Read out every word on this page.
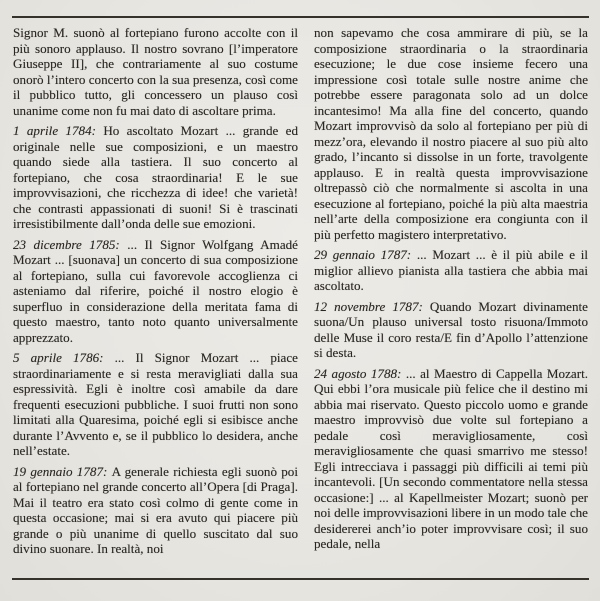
Signor M. suonò al fortepiano furono accolte con il più sonoro applauso. Il nostro sovrano [l’imperatore Giuseppe II], che contrariamente al suo costume onorò l’intero concerto con la sua presenza, così come il pubblico tutto, gli concessero un plauso così unanime come non fu mai dato di ascoltare prima.

1 aprile 1784: Ho ascoltato Mozart ... grande ed originale nelle sue composizioni, e un maestro quando siede alla tastiera. Il suo concerto al fortepiano, che cosa straordinaria! E le sue improvvisazioni, che ricchezza di idee! che varietà! che contrasti appassionati di suoni! Si è trascinati irresistibilmente dall’onda delle sue emozioni.

23 dicembre 1785: ... Il Signor Wolfgang Amadé Mozart ... [suonava] un concerto di sua composizione al fortepiano, sulla cui favorevole accoglienza ci asteniamo dal riferire, poiché il nostro elogio è superfluo in considerazione della meritata fama di questo maestro, tanto noto quanto universalmente apprezzato.

5 aprile 1786: ... Il Signor Mozart ... piace straordinariamente e si resta meravigliati dalla sua espressività. Egli è inoltre così amabile da dare frequenti esecuzioni pubbliche. I suoi frutti non sono limitati alla Quaresima, poiché egli si esibisce anche durante l’Avvento e, se il pubblico lo desidera, anche nell’estate.

19 gennaio 1787: A generale richiesta egli suonò poi al fortepiano nel grande concerto all’Opera [di Praga]. Mai il teatro era stato così colmo di gente come in questa occasione; mai si era avuto qui piacere più grande o più unanime di quello suscitato dal suo divino suonare. In realtà, noi

non sapevamo che cosa ammirare di più, se la composizione straordinaria o la straordinaria esecuzione; le due cose insieme fecero una impressione così totale sulle nostre anime che potrebbe essere paragonata solo ad un dolce incantesimo! Ma alla fine del concerto, quando Mozart improvvisò da solo al fortepiano per più di mezz’ora, elevando il nostro piacere al suo più alto grado, l’incanto si dissolse in un forte, travolgente applauso. E in realtà questa improvvisazione oltrepassò ciò che normalmente si ascolta in una esecuzione al fortepiano, poiché la più alta maestria nell’arte della composizione era congiunta con il più perfetto magistero interpretativo.

29 gennaio 1787: ... Mozart ... è il più abile e il miglior allievo pianista alla tastiera che abbia mai ascoltato.

12 novembre 1787: Quando Mozart divinamente suona/Un plauso universal tosto risuona/Immoto delle Muse il coro resta/E fin d’Apollo l’attenzione si desta.

24 agosto 1788: ... al Maestro di Cappella Mozart. Qui ebbi l’ora musicale più felice che il destino mi abbia mai riservato. Questo piccolo uomo e grande maestro improvvisò due volte sul fortepiano a pedale così meravigliosamente, così meravigliosamente che quasi smarrivo me stesso! Egli intrecciava i passaggi più difficili ai temi più incantevoli. [Un secondo commentatore nella stessa occasione:] ... al Kapellmeister Mozart; suonò per noi delle improvvisazioni libere in un modo tale che desidererei anch’io poter improvvisare così; il suo pedale, nella
